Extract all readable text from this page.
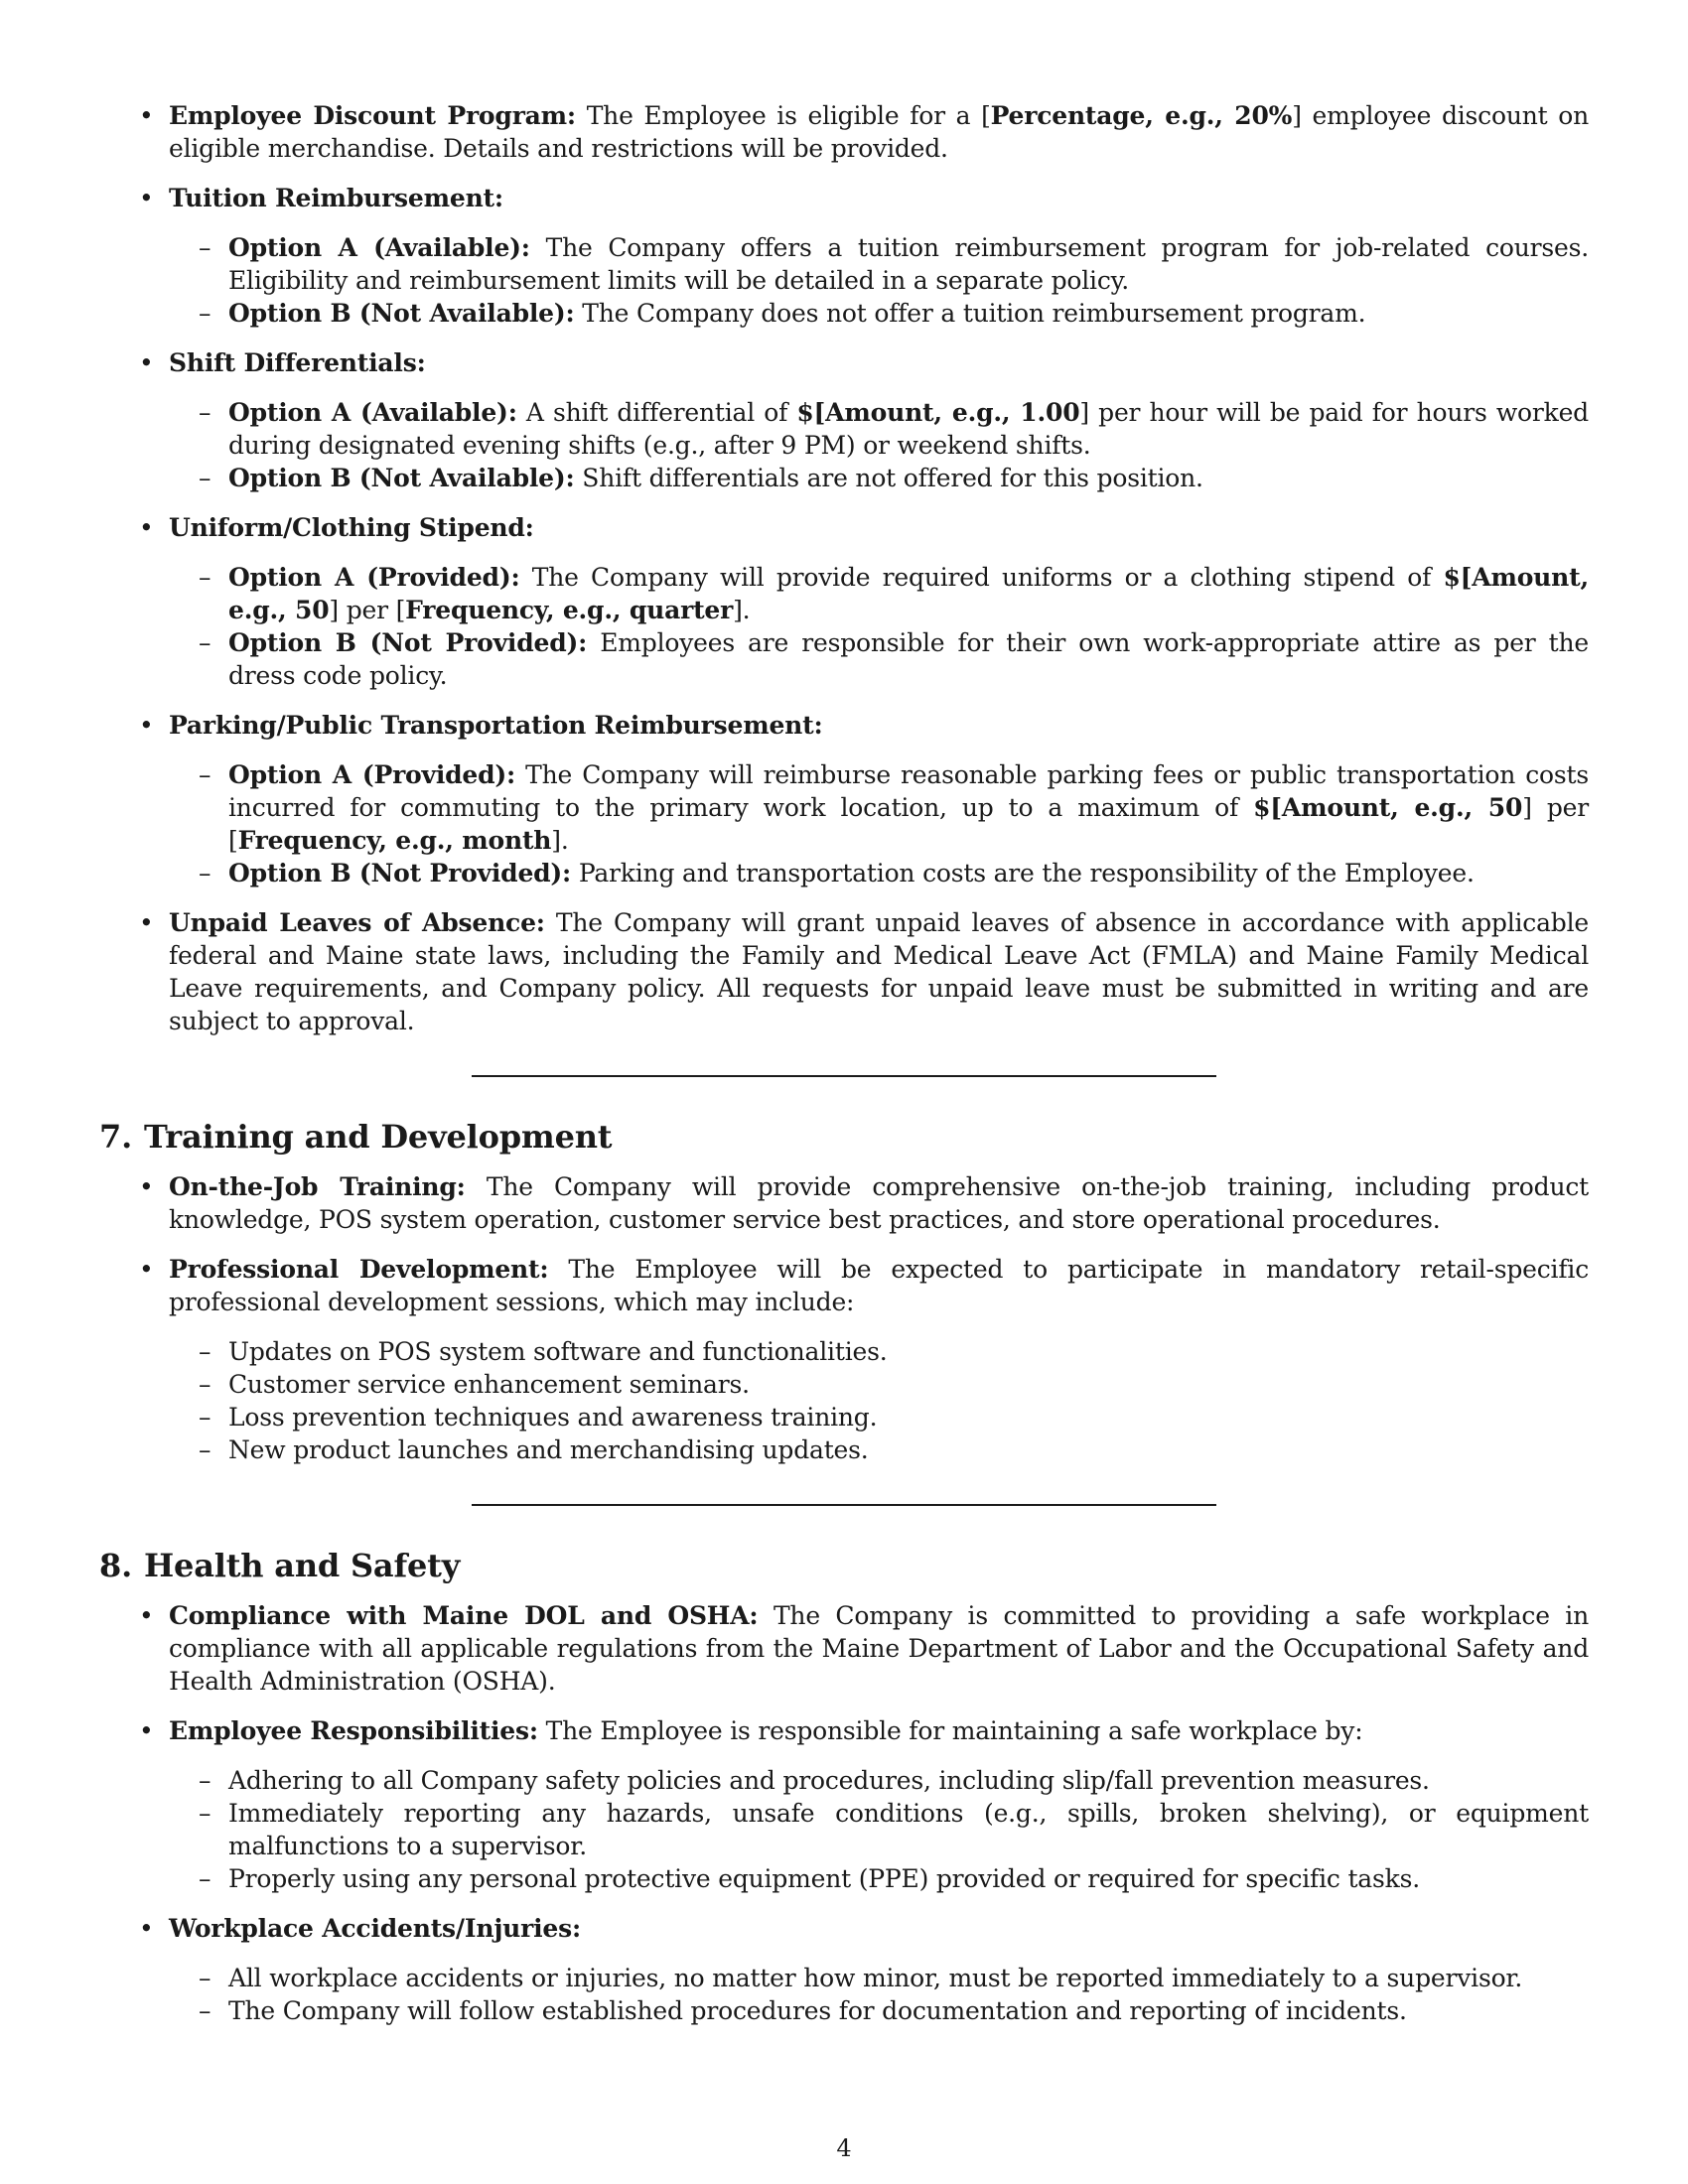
• Employee Discount Program: The Employee is eligible for a [Percentage, e.g., 20%] employee discount on eligible merchandise. Details and restrictions will be provided.
• Tuition Reimbursement:
– Option A (Available): The Company offers a tuition reimbursement program for job-related courses. Eligibility and reimbursement limits will be detailed in a separate policy.
– Option B (Not Available): The Company does not offer a tuition reimbursement program.
• Shift Differentials:
– Option A (Available): A shift differential of $[Amount, e.g., 1.00] per hour will be paid for hours worked during designated evening shifts (e.g., after 9 PM) or weekend shifts.
– Option B (Not Available): Shift differentials are not offered for this position.
• Uniform/Clothing Stipend:
– Option A (Provided): The Company will provide required uniforms or a clothing stipend of $[Amount, e.g., 50] per [Frequency, e.g., quarter].
– Option B (Not Provided): Employees are responsible for their own work-appropriate attire as per the dress code policy.
• Parking/Public Transportation Reimbursement:
– Option A (Provided): The Company will reimburse reasonable parking fees or public transportation costs incurred for commuting to the primary work location, up to a maximum of $[Amount, e.g., 50] per [Frequency, e.g., month].
– Option B (Not Provided): Parking and transportation costs are the responsibility of the Employee.
• Unpaid Leaves of Absence: The Company will grant unpaid leaves of absence in accordance with applicable federal and Maine state laws, including the Family and Medical Leave Act (FMLA) and Maine Family Medical Leave requirements, and Company policy. All requests for unpaid leave must be submitted in writing and are subject to approval.
7. Training and Development
• On-the-Job Training: The Company will provide comprehensive on-the-job training, including product knowledge, POS system operation, customer service best practices, and store operational procedures.
• Professional Development: The Employee will be expected to participate in mandatory retail-specific professional development sessions, which may include:
– Updates on POS system software and functionalities.
– Customer service enhancement seminars.
– Loss prevention techniques and awareness training.
– New product launches and merchandising updates.
8. Health and Safety
• Compliance with Maine DOL and OSHA: The Company is committed to providing a safe workplace in compliance with all applicable regulations from the Maine Department of Labor and the Occupational Safety and Health Administration (OSHA).
• Employee Responsibilities: The Employee is responsible for maintaining a safe workplace by:
– Adhering to all Company safety policies and procedures, including slip/fall prevention measures.
– Immediately reporting any hazards, unsafe conditions (e.g., spills, broken shelving), or equipment malfunctions to a supervisor.
– Properly using any personal protective equipment (PPE) provided or required for specific tasks.
• Workplace Accidents/Injuries:
– All workplace accidents or injuries, no matter how minor, must be reported immediately to a supervisor.
– The Company will follow established procedures for documentation and reporting of incidents.
4
